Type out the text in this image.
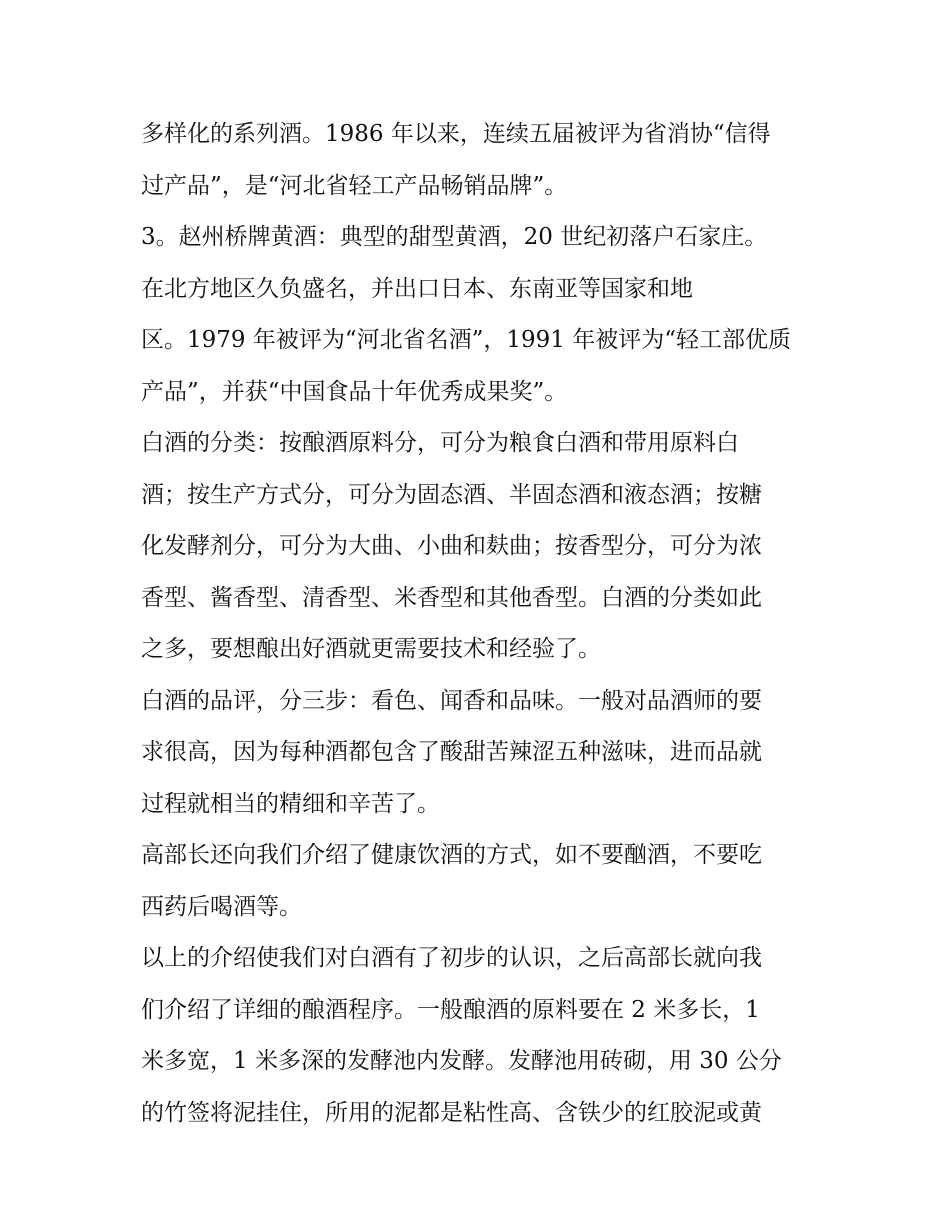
多样化的系列酒。1986 年以来，连续五届被评为省消协“信得
过产品”，是“河北省轻工产品畅销品牌”。
3。赵州桥牌黄酒：典型的甜型黄酒，20 世纪初落户石家庄。
在北方地区久负盛名，并出口日本、东南亚等国家和地
区。1979 年被评为“河北省名酒”，1991 年被评为“轻工部优质
产品”，并获“中国食品十年优秀成果奖”。
白酒的分类：按酿酒原料分，可分为粮食白酒和带用原料白
酒；按生产方式分，可分为固态酒、半固态酒和液态酒；按糖
化发酵剂分，可分为大曲、小曲和麸曲；按香型分，可分为浓
香型、酱香型、清香型、米香型和其他香型。白酒的分类如此
之多，要想酿出好酒就更需要技术和经验了。
白酒的品评，分三步：看色、闻香和品味。一般对品酒师的要
求很高，因为每种酒都包含了酸甜苦辣涩五种滋味，进而品就
过程就相当的精细和辛苦了。
高部长还向我们介绍了健康饮酒的方式，如不要酗酒，不要吃
西药后喝酒等。
以上的介绍使我们对白酒有了初步的认识，之后高部长就向我
们介绍了详细的酿酒程序。一般酿酒的原料要在 2 米多长，1
米多宽，1 米多深的发酵池内发酵。发酵池用砖砌，用 30 公分
的竹签将泥挂住，所用的泥都是粘性高、含铁少的红胶泥或黄
